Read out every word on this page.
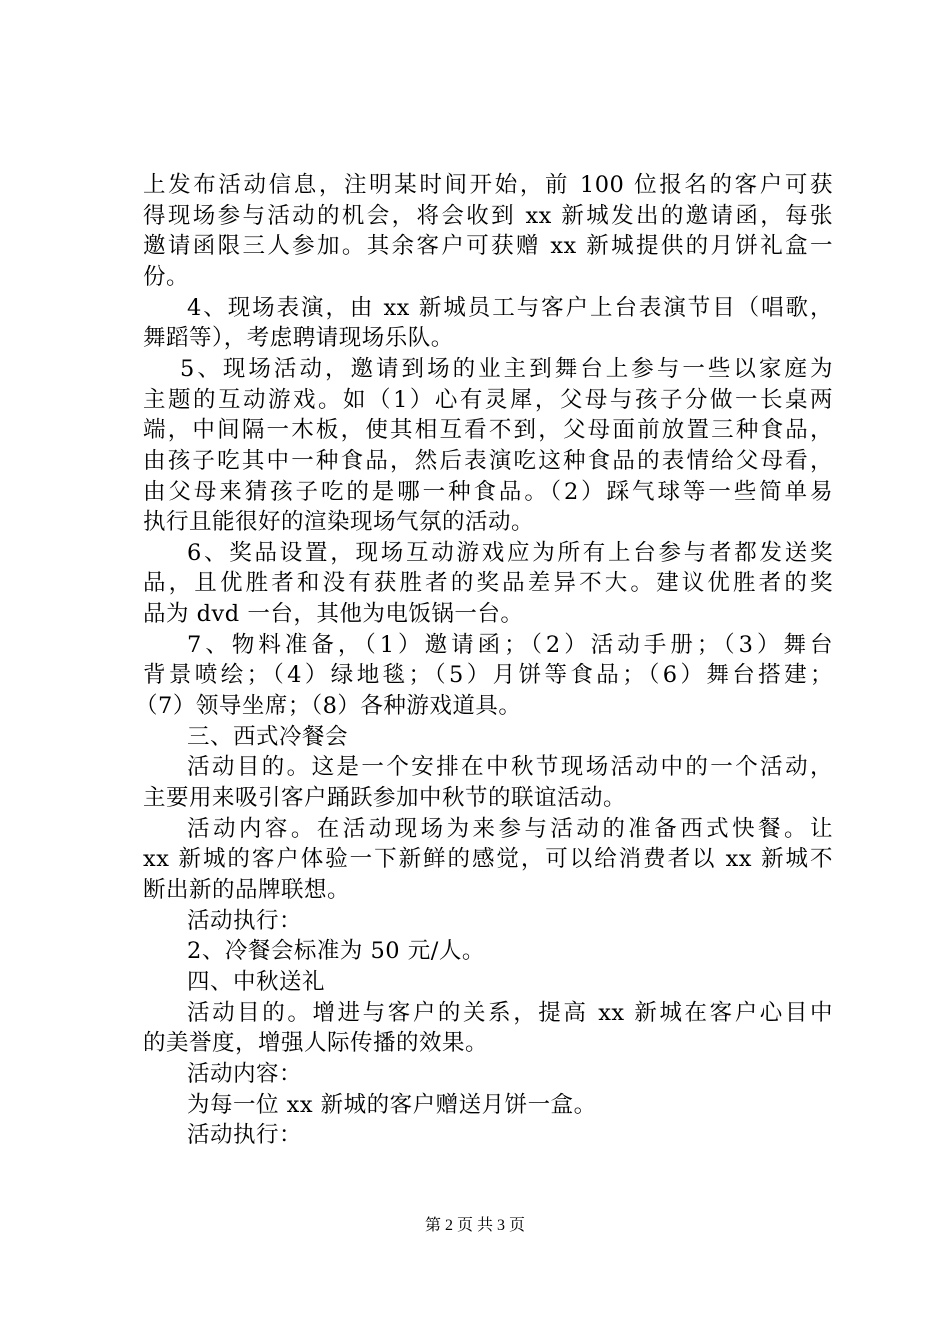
上发布活动信息，注明某时间开始，前 100 位报名的客户可获
得现场参与活动的机会，将会收到 xx 新城发出的邀请函，每张
邀请函限三人参加。其余客户可获赠 xx 新城提供的月饼礼盒一
份。
4、现场表演，由 xx 新城员工与客户上台表演节目（唱歌，
舞蹈等），考虑聘请现场乐队。
5、现场活动，邀请到场的业主到舞台上参与一些以家庭为
主题的互动游戏。如（1）心有灵犀，父母与孩子分做一长桌两
端，中间隔一木板，使其相互看不到，父母面前放置三种食品，
由孩子吃其中一种食品，然后表演吃这种食品的表情给父母看，
由父母来猜孩子吃的是哪一种食品。（2）踩气球等一些简单易
执行且能很好的渲染现场气氛的活动。
6、奖品设置，现场互动游戏应为所有上台参与者都发送奖
品，且优胜者和没有获胜者的奖品差异不大。建议优胜者的奖
品为 dvd 一台，其他为电饭锅一台。
7、物料准备，（1）邀请函；（2）活动手册；（3）舞台
背景喷绘；（4）绿地毯；（5）月饼等食品；（6）舞台搭建；
（7）领导坐席；（8）各种游戏道具。
三、西式冷餐会
活动目的。这是一个安排在中秋节现场活动中的一个活动，
主要用来吸引客户踊跃参加中秋节的联谊活动。
活动内容。在活动现场为来参与活动的准备西式快餐。让
xx 新城的客户体验一下新鲜的感觉，可以给消费者以 xx 新城不
断出新的品牌联想。
活动执行：
2、冷餐会标准为 50 元/人。
四、中秋送礼
活动目的。增进与客户的关系，提高 xx 新城在客户心目中
的美誉度，增强人际传播的效果。
活动内容：
为每一位 xx 新城的客户赠送月饼一盒。
活动执行：
第 2 页 共 3 页
